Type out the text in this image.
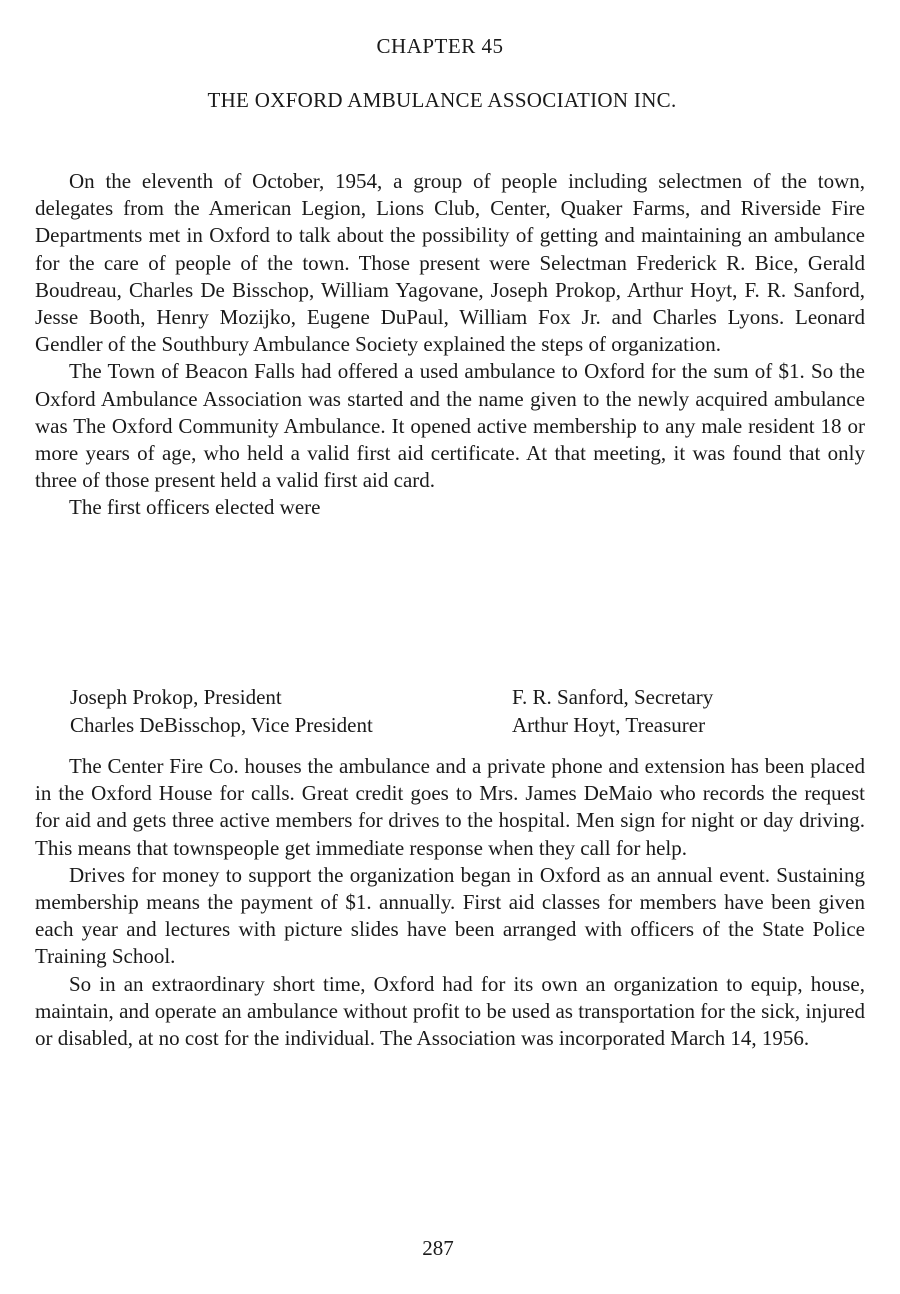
CHAPTER 45
THE OXFORD AMBULANCE ASSOCIATION INC.

On the eleventh of October, 1954, a group of people including selectmen of the town, delegates from the American Legion, Lions Club, Center, Quaker Farms, and Riverside Fire Departments met in Oxford to talk about the possibility of getting and maintaining an ambulance for the care of people of the town. Those present were Selectman Frederick R. Bice, Gerald Boudreau, Charles De Bisschop, William Yagovane, Joseph Prokop, Arthur Hoyt, F. R. Sanford, Jesse Booth, Henry Mozijko, Eugene DuPaul, William Fox Jr. and Charles Lyons. Leonard Gendler of the Southbury Ambulance Society explained the steps of organization.

The Town of Beacon Falls had offered a used ambulance to Oxford for the sum of $1. So the Oxford Ambulance Association was started and the name given to the newly acquired ambulance was The Oxford Community Ambulance. It opened active membership to any male resident 18 or more years of age, who held a valid first aid certificate. At that meeting, it was found that only three of those present held a valid first aid card.

The first officers elected were

Joseph Prokop, President	F. R. Sanford, Secretary
Charles DeBisschop, Vice President	Arthur Hoyt, Treasurer

The Center Fire Co. houses the ambulance and a private phone and extension has been placed in the Oxford House for calls. Great credit goes to Mrs. James DeMaio who records the request for aid and gets three active members for drives to the hospital. Men sign for night or day driving. This means that townspeople get immediate response when they call for help.

Drives for money to support the organization began in Oxford as an annual event. Sustaining membership means the payment of $1. annually. First aid classes for members have been given each year and lectures with picture slides have been arranged with officers of the State Police Training School.

So in an extraordinary short time, Oxford had for its own an organization to equip, house, maintain, and operate an ambulance without profit to be used as transportation for the sick, injured or disabled, at no cost for the individual. The Association was incorporated March 14, 1956.

287
